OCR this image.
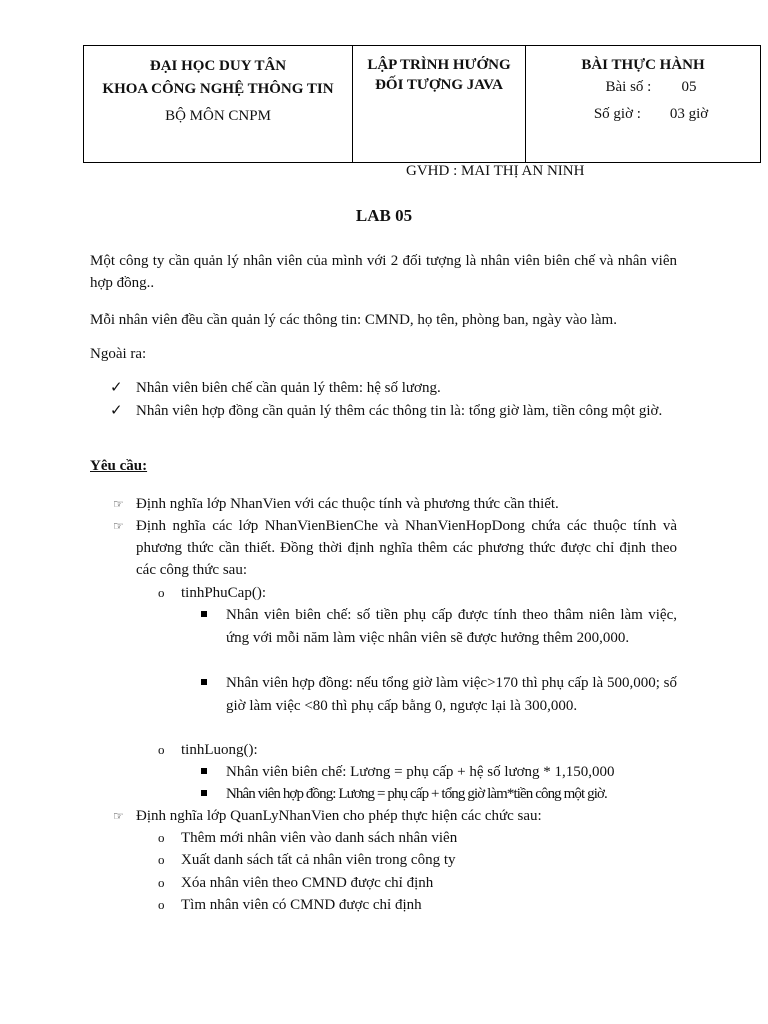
ĐẠI HỌC DUY TÂN
KHOA CÔNG NGHỆ THÔNG TIN
BỘ MÔN CNPM

LẬP TRÌNH HƯỚNG ĐỐI TƯỢNG JAVA

BÀI THỰC HÀNH
Bài số :	05
Số giờ :	03 giờ
GVHD : MAI THỊ AN NINH
LAB 05
Một công ty cần quản lý nhân viên của mình với 2 đối tượng là nhân viên biên chế và nhân viên hợp đồng..
Mỗi nhân viên đều cần quản lý các thông tin: CMND, họ tên, phòng ban, ngày vào làm.
Ngoài ra:
✓ Nhân viên biên chế cần quản lý thêm: hệ số lương.
✓ Nhân viên hợp đồng cần quản lý thêm các thông tin là: tổng giờ làm, tiền công một giờ.
Yêu cầu:
☞ Định nghĩa lớp NhanVien với các thuộc tính và phương thức cần thiết.
☞ Định nghĩa các lớp NhanVienBienChe và NhanVienHopDong chứa các thuộc tính và phương thức cần thiết. Đồng thời định nghĩa thêm các phương thức được chỉ định theo các công thức sau:
o tinhPhuCap():
Nhân viên biên chế: số tiền phụ cấp được tính theo thâm niên làm việc, ứng với mỗi năm làm việc nhân viên sẽ được hưởng thêm 200,000.
Nhân viên hợp đồng: nếu tổng giờ làm việc>170 thì phụ cấp là 500,000; số giờ làm việc <80 thì phụ cấp bằng 0, ngược lại là 300,000.
o tinhLuong():
Nhân viên biên chế: Lương = phụ cấp + hệ số lương * 1,150,000
Nhân viên hợp đồng: Lương = phụ cấp + tổng giờ làm*tiền công một giờ.
☞ Định nghĩa lớp QuanLyNhanVien cho phép thực hiện các chức sau:
o Thêm mới nhân viên vào danh sách nhân viên
o Xuất danh sách tất cả nhân viên trong công ty
o Xóa nhân viên theo CMND được chỉ định
o Tìm nhân viên có CMND được chỉ định
